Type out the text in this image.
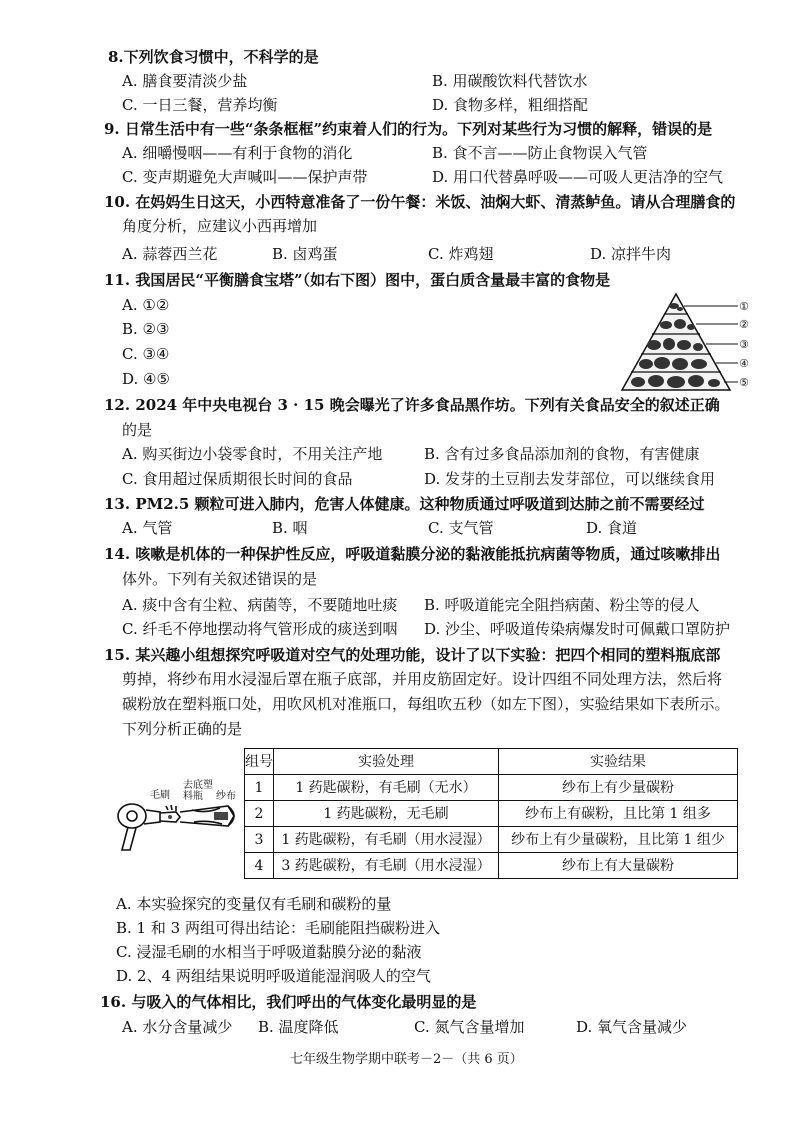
8.下列饮食习惯中，不科学的是
A. 膳食要清淡少盐	B. 用碳酸饮料代替饮水
C. 一日三餐，营养均衡	D. 食物多样，粗细搭配
9. 日常生活中有一些“条条框框”约束着人们的行为。下列对某些行为习惯的解释，错误的是
A. 细嚼慢咽——有利于食物的消化	B. 食不言——防止食物误入气管
C. 变声期避免大声喊叫——保护声带	D. 用口代替鼻呼吸——可吸人更洁净的空气
10. 在妈妈生日这天，小西特意准备了一份午餐：米饭、油焖大虾、清蒸鲈鱼。请从合理膳食的
角度分析，应建议小西再增加
A. 蒜蓉西兰花	B. 卤鸡蛋	C. 炸鸡翅	D. 凉拌牛肉
11. 我国居民“平衡膳食宝塔”（如右下图）图中，蛋白质含量最丰富的食物是
A. ①②
B. ②③
C. ③④
D. ④⑤
①
②
③
④
⑤
12. 2024 年中央电视台 3 · 15 晚会曝光了许多食品黑作坊。下列有关食品安全的叙述正确
的是
A. 购买街边小袋零食时，不用关注产地	B. 含有过多食品添加剂的食物，有害健康
C. 食用超过保质期很长时间的食品	D. 发芽的土豆削去发芽部位，可以继续食用
13. PM2.5 颗粒可进入肺内，危害人体健康。这种物质通过呼吸道到达肺之前不需要经过
A. 气管	B. 咽	C. 支气管	D. 食道
14. 咳嗽是机体的一种保护性反应，呼吸道黏膜分泌的黏液能抵抗病菌等物质，通过咳嗽排出
体外。下列有关叙述错误的是
A. 痰中含有尘粒、病菌等，不要随地吐痰 B. 呼吸道能完全阻挡病菌、粉尘等的侵人
C. 纤毛不停地摆动将气管形成的痰送到咽 D. 沙尘、呼吸道传染病爆发时可佩戴口罩防护
15. 某兴趣小组想探究呼吸道对空气的处理功能，设计了以下实验：把四个相同的塑料瓶底部
剪掉，将纱布用水浸湿后罩在瓶子底部，并用皮筋固定好。设计四组不同处理方法，然后将
碳粉放在塑料瓶口处，用吹风机对准瓶口，每组吹五秒（如左下图），实验结果如下表所示。
下列分析正确的是
毛刷
去底塑料瓶	纱布
组号	实验处理	实验结果
1	1 药匙碳粉，有毛刷（无水）	纱布上有少量碳粉
2	1 药匙碳粉，无毛刷	纱布上有碳粉，且比第 1 组多
3	1 药匙碳粉，有毛刷（用水浸湿）	纱布上有少量碳粉，且比第 1 组少
4	3 药匙碳粉，有毛刷（用水浸湿）	纱布上有大量碳粉
A. 本实验探究的变量仅有毛刷和碳粉的量
B. 1 和 3 两组可得出结论：毛刷能阻挡碳粉进入
C. 浸湿毛刷的水相当于呼吸道黏膜分泌的黏液
D. 2、4 两组结果说明呼吸道能湿润吸人的空气
16. 与吸入的气体相比，我们呼出的气体变化最明显的是
A. 水分含量减少 B. 温度降低	C. 氮气含量增加	D. 氧气含量减少
七年级生物学期中联考－2－（共 6 页）
